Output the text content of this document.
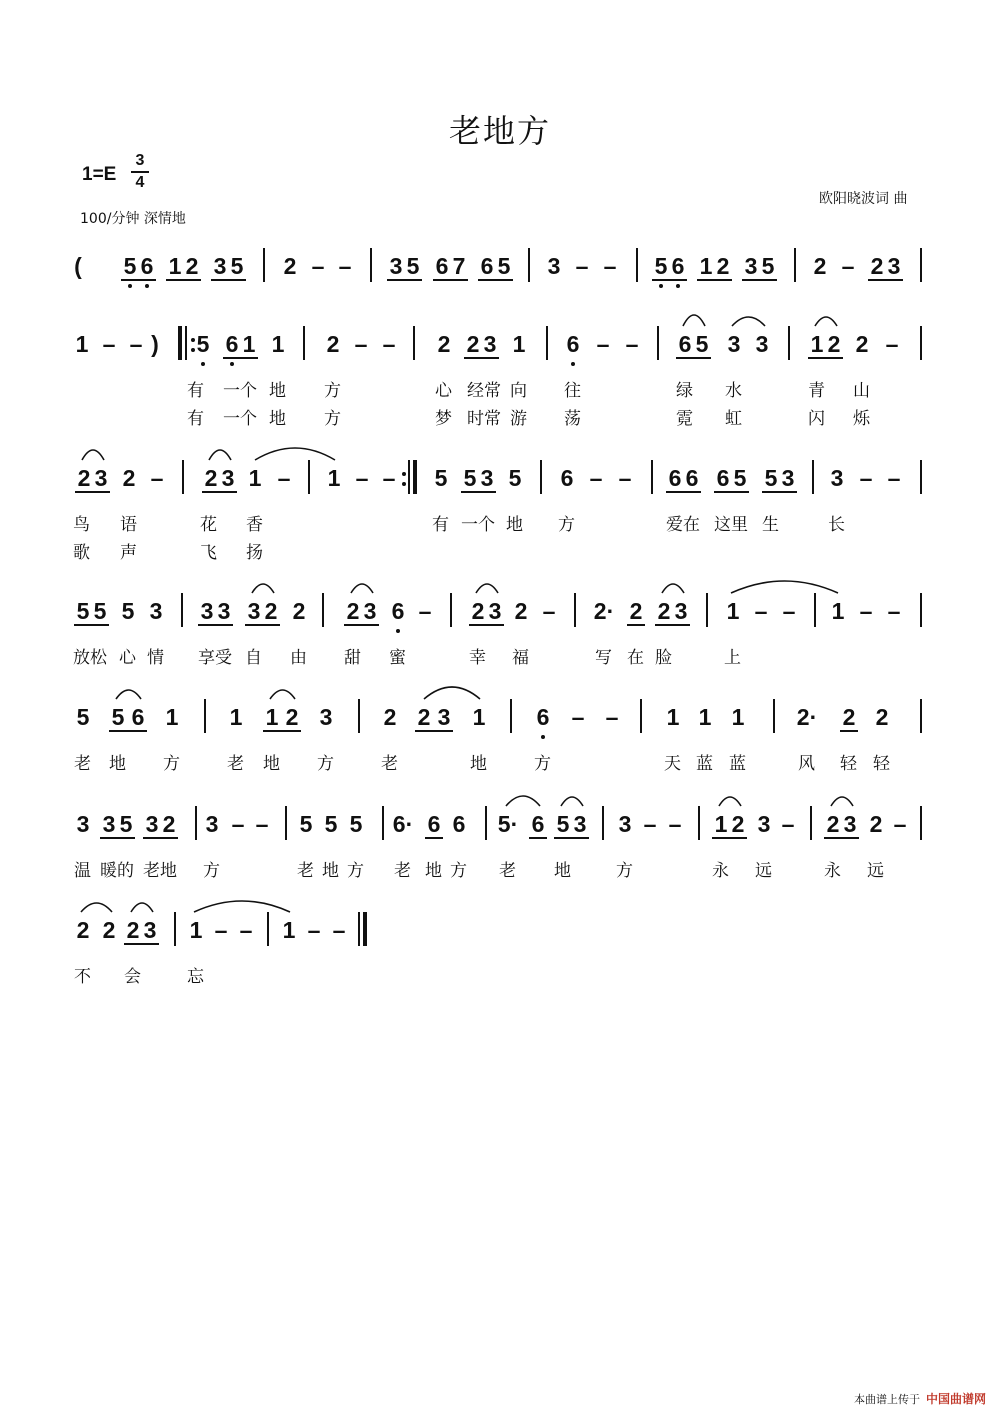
老地方
1=E
3
4
100/分钟 深情地
欧阳晓波词 曲
( 5 6 1 2 3 5 2 – – 3 5 6 7 6 5 3 – – 5 6 1 2 3 5 2 – 2 3
1 – – ) 5 6 1 1 2 – – 2 2 3 1 6 – – 6 5 3 3 1 2 2 –
有 一个 地 方	心 经常 向 往	绿 水	青 山
有 一个 地 方	梦 时常 游 荡	霓 虹	闪 烁
2 3 2 – 2 3 1 – 1 – – 5 5 3 5 6 – – 6 6 6 5 5 3 3 – –
鸟 语	花 香	有 一个 地 方	爱在 这里 生	长
歌 声	飞 扬
5 5 5 3 3 3 3 2 2 2 3 6 – 2 3 2 – 2· 2 2 3 1 – – 1 – –
放松 心 情 享受 自 由 甜 蜜	幸 福	写 在 脸	上
5 5 6 1 1 1 2 3 2 2 3 1 6 – – 1 1 1 2· 2 2
老 地 方	老 地 方	老	地	方	天 蓝 蓝	风 轻 轻
3 3 5 3 2 3 – – 5 5 5 6· 6 6 5· 6 5 3 3 – – 1 2 3 – 2 3 2 –
温 暖的 老地 方	老 地 方 老 地 方 老 地	方	永 远	永 远
2 2 2 3 1 – – 1 – –
不 会	忘
本曲谱上传于 中国曲谱网
